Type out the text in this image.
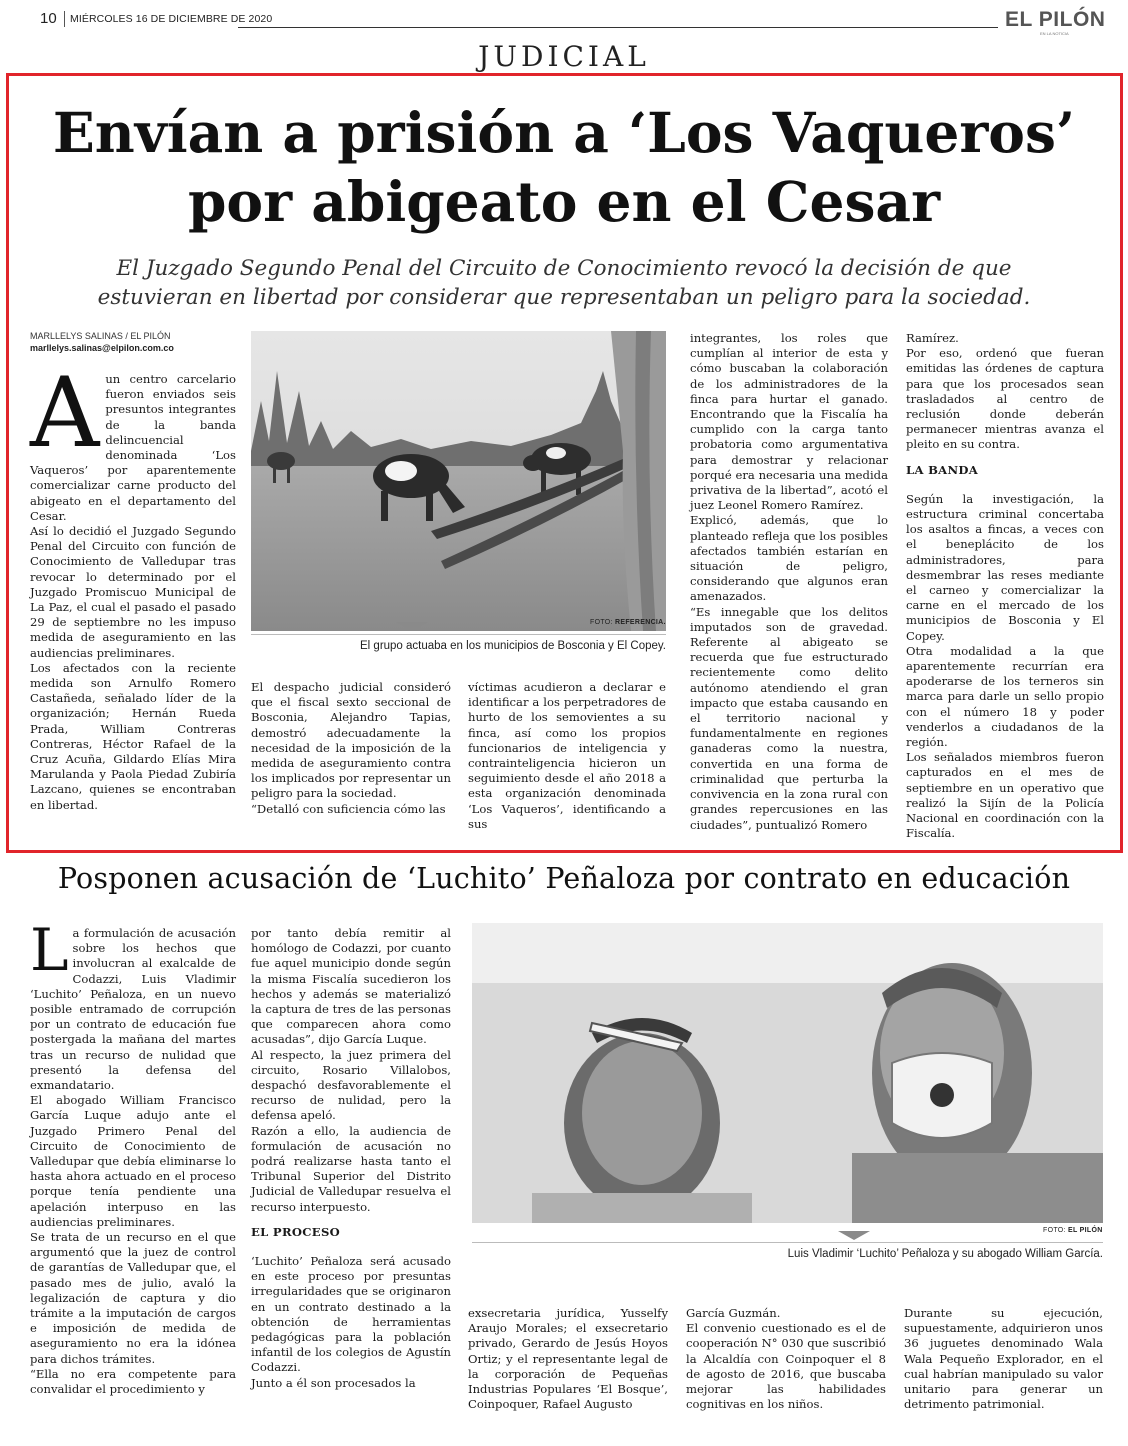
10 MIÉRCOLES 16 DE DICIEMBRE DE 2020	EL PILÓN
EN LA NOTICIA
JUDICIAL
Envían a prisión a ‘Los Vaqueros’
por abigeato en el Cesar
El Juzgado Segundo Penal del Circuito de Conocimiento revocó la decisión de que
estuvieran en libertad por considerar que representaban un peligro para la sociedad.
MARLLELYS SALINAS / EL PILÓN
marllelys.salinas@elpilon.com.co

Aun centro carcelario fueron enviados seis presuntos integrantes de la banda delincuencial denominada ‘Los Vaqueros’ por aparentemente comercializar carne producto del abigeato en el departamento del Cesar.

Así lo decidió el Juzgado Segundo Penal del Circuito con función de Conocimiento de Valledupar tras revocar lo determinado por el Juzgado Promiscuo Municipal de La Paz, el cual el pasado el pasado 29 de septiembre no les impuso medida de aseguramiento en las audiencias preliminares.

Los afectados con la reciente medida son Arnulfo Romero Castañeda, señalado líder de la organización; Hernán Rueda Prada, William Contreras Contreras, Héctor Rafael de la Cruz Acuña, Gildardo Elías Mira Marulanda y Paola Piedad Zubiría Lazcano, quienes se encontraban en libertad.

FOTO: REFERENCIA.
El grupo actuaba en los municipios de Bosconia y El Copey.

El despacho judicial consideró que el fiscal sexto seccional de Bosconia, Alejandro Tapias, demostró adecuadamente la necesidad de la imposición de la medida de aseguramiento contra los implicados por representar un peligro para la sociedad.

“Detalló con suficiencia cómo las

víctimas acudieron a declarar e identificar a los perpetradores de hurto de los semovientes a su finca, así como los propios funcionarios de inteligencia y contrainteligencia hicieron un seguimiento desde el año 2018 a esta organización denominada ‘Los Vaqueros’, identificando a sus

integrantes, los roles que cumplían al interior de esta y cómo buscaban la colaboración de los administradores de la finca para hurtar el ganado. Encontrando que la Fiscalía ha cumplido con la carga tanto probatoria como argumentativa para demostrar y relacionar porqué era necesaria una medida privativa de la libertad”, acotó el juez Leonel Romero Ramírez.

Explicó, además, que lo planteado refleja que los posibles afectados también estarían en situación de peligro, considerando que algunos eran amenazados.

“Es innegable que los delitos imputados son de gravedad. Referente al abigeato se recuerda que fue estructurado recientemente como delito autónomo atendiendo el gran impacto que estaba causando en el territorio nacional y fundamentalmente en regiones ganaderas como la nuestra, convertida en una forma de criminalidad que perturba la convivencia en la zona rural con grandes repercusiones en las ciudades”, puntualizó Romero

Ramírez.

Por eso, ordenó que fueran emitidas las órdenes de captura para que los procesados sean trasladados al centro de reclusión donde deberán permanecer mientras avanza el pleito en su contra.

LA BANDA

Según la investigación, la estructura criminal concertaba los asaltos a fincas, a veces con el beneplácito de los administradores, para desmembrar las reses mediante el carneo y comercializar la carne en el mercado de los municipios de Bosconia y El Copey.

Otra modalidad a la que aparentemente recurrían era apoderarse de los terneros sin marca para darle un sello propio con el número 18 y poder venderlos a ciudadanos de la región.

Los señalados miembros fueron capturados en el mes de septiembre en un operativo que realizó la Sijín de la Policía Nacional en coordinación con la Fiscalía.

Posponen acusación de ‘Luchito’ Peñaloza por contrato en educación

La formulación de acusación sobre los hechos que involucran al exalcalde de Codazzi, Luis Vladimir ‘Luchito’ Peñaloza, en un nuevo posible entramado de corrupción por un contrato de educación fue postergada la mañana del martes tras un recurso de nulidad que presentó la defensa del exmandatario.

El abogado William Francisco García Luque adujo ante el Juzgado Primero Penal del Circuito de Conocimiento de Valledupar que debía eliminarse lo hasta ahora actuado en el proceso porque tenía pendiente una apelación interpuso en las audiencias preliminares.

Se trata de un recurso en el que argumentó que la juez de control de garantías de Valledupar que, el pasado mes de julio, avaló la legalización de captura y dio trámite a la imputación de cargos e imposición de medida de aseguramiento no era la idónea para dichos trámites.

“Ella no era competente para convalidar el procedimiento y

por tanto debía remitir al homólogo de Codazzi, por cuanto fue aquel municipio donde según la misma Fiscalía sucedieron los hechos y además se materializó la captura de tres de las personas que comparecen ahora como acusadas”, dijo García Luque.

Al respecto, la juez primera del circuito, Rosario Villalobos, despachó desfavorablemente el recurso de nulidad, pero la defensa apeló.

Razón a ello, la audiencia de formulación de acusación no podrá realizarse hasta tanto el Tribunal Superior del Distrito Judicial de Valledupar resuelva el recurso interpuesto.

EL PROCESO

‘Luchito’ Peñaloza será acusado en este proceso por presuntas irregularidades que se originaron en un contrato destinado a la obtención de herramientas pedagógicas para la población infantil de los colegios de Agustín Codazzi.

Junto a él son procesados la

FOTO: EL PILÓN
Luis Vladimir ‘Luchito’ Peñaloza y su abogado William García.

exsecretaria jurídica, Yusselfy Araujo Morales; el exsecretario privado, Gerardo de Jesús Hoyos Ortiz; y el representante legal de la corporación de Pequeñas Industrias Populares ‘El Bosque’, Coinpoquer, Rafael Augusto

García Guzmán.

El convenio cuestionado es el de cooperación N° 030 que suscribió la Alcaldía con Coinpoquer el 8 de agosto de 2016, que buscaba mejorar las habilidades cognitivas en los niños.

Durante su ejecución, supuestamente, adquirieron unos 36 juguetes denominado Wala Wala Pequeño Explorador, en el cual habrían manipulado su valor unitario para generar un detrimento patrimonial.
